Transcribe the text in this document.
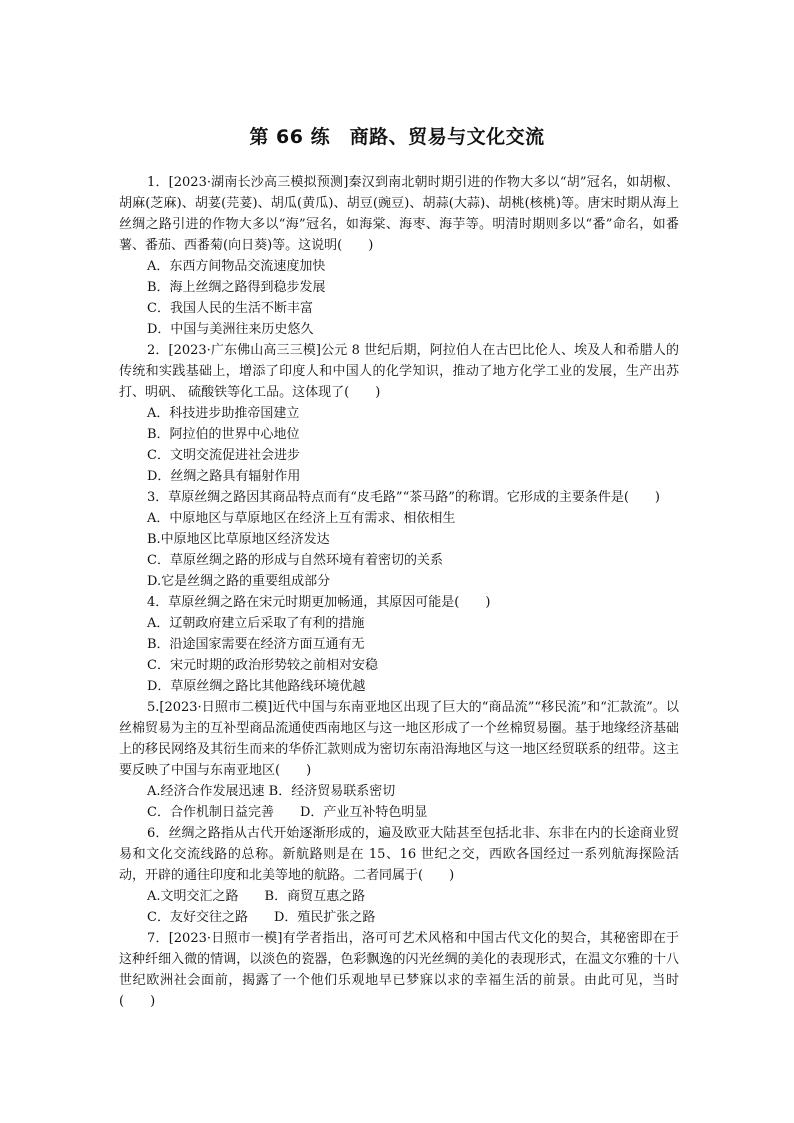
第 66 练　商路、贸易与文化交流

1．[2023·湖南长沙高三模拟预测]秦汉到南北朝时期引进的作物大多以“胡”冠名，如胡椒、胡麻(芝麻)、胡荽(芫荽)、胡瓜(黄瓜)、胡豆(豌豆)、胡蒜(大蒜)、胡桃(核桃)等。唐宋时期从海上丝绸之路引进的作物大多以“海”冠名，如海棠、海枣、海芋等。明清时期则多以“番”命名，如番薯、番茄、西番菊(向日葵)等。这说明(　　)

A．东西方间物品交流速度加快

B．海上丝绸之路得到稳步发展

C．我国人民的生活不断丰富

D．中国与美洲往来历史悠久

2．[2023·广东佛山高三三模]公元 8 世纪后期，阿拉伯人在古巴比伦人、埃及人和希腊人的传统和实践基础上，增添了印度人和中国人的化学知识，推动了地方化学工业的发展，生产出苏打、明矾、 硫酸铁等化工品。这体现了(　　)

A．科技进步助推帝国建立

B．阿拉伯的世界中心地位

C．文明交流促进社会进步

D．丝绸之路具有辐射作用

3．草原丝绸之路因其商品特点而有“皮毛路”“茶马路”的称谓。它形成的主要条件是(　　)

A．中原地区与草原地区在经济上互有需求、相依相生

B.中原地区比草原地区经济发达

C．草原丝绸之路的形成与自然环境有着密切的关系

D.它是丝绸之路的重要组成部分

4．草原丝绸之路在宋元时期更加畅通，其原因可能是(　　)

A．辽朝政府建立后采取了有利的措施

B．沿途国家需要在经济方面互通有无

C．宋元时期的政治形势较之前相对安稳

D．草原丝绸之路比其他路线环境优越

5.[2023·日照市二模]近代中国与东南亚地区出现了巨大的“商品流”“移民流”和“汇款流”。以丝棉贸易为主的互补型商品流通使西南地区与这一地区形成了一个丝棉贸易圈。基于地缘经济基础上的移民网络及其衍生而来的华侨汇款则成为密切东南沿海地区与这一地区经贸联系的纽带。这主要反映了中国与东南亚地区(　　)

A.经济合作发展迅速 B．经济贸易联系密切

C．合作机制日益完善　　D．产业互补特色明显

6．丝绸之路指从古代开始逐渐形成的，遍及欧亚大陆甚至包括北非、东非在内的长途商业贸易和文化交流线路的总称。新航路则是在 15、16 世纪之交，西欧各国经过一系列航海探险活动，开辟的通往印度和北美等地的航路。二者同属于(　　)

A.文明交汇之路　　B．商贸互惠之路

C．友好交往之路　　D．殖民扩张之路

7．[2023·日照市一模]有学者指出，洛可可艺术风格和中国古代文化的契合，其秘密即在于这种纤细入微的情调，以淡色的瓷器，色彩飘逸的闪光丝绸的美化的表现形式，在温文尔雅的十八世纪欧洲社会面前，揭露了一个他们乐观地早已梦寐以求的幸福生活的前景。由此可见，当时(　　)
